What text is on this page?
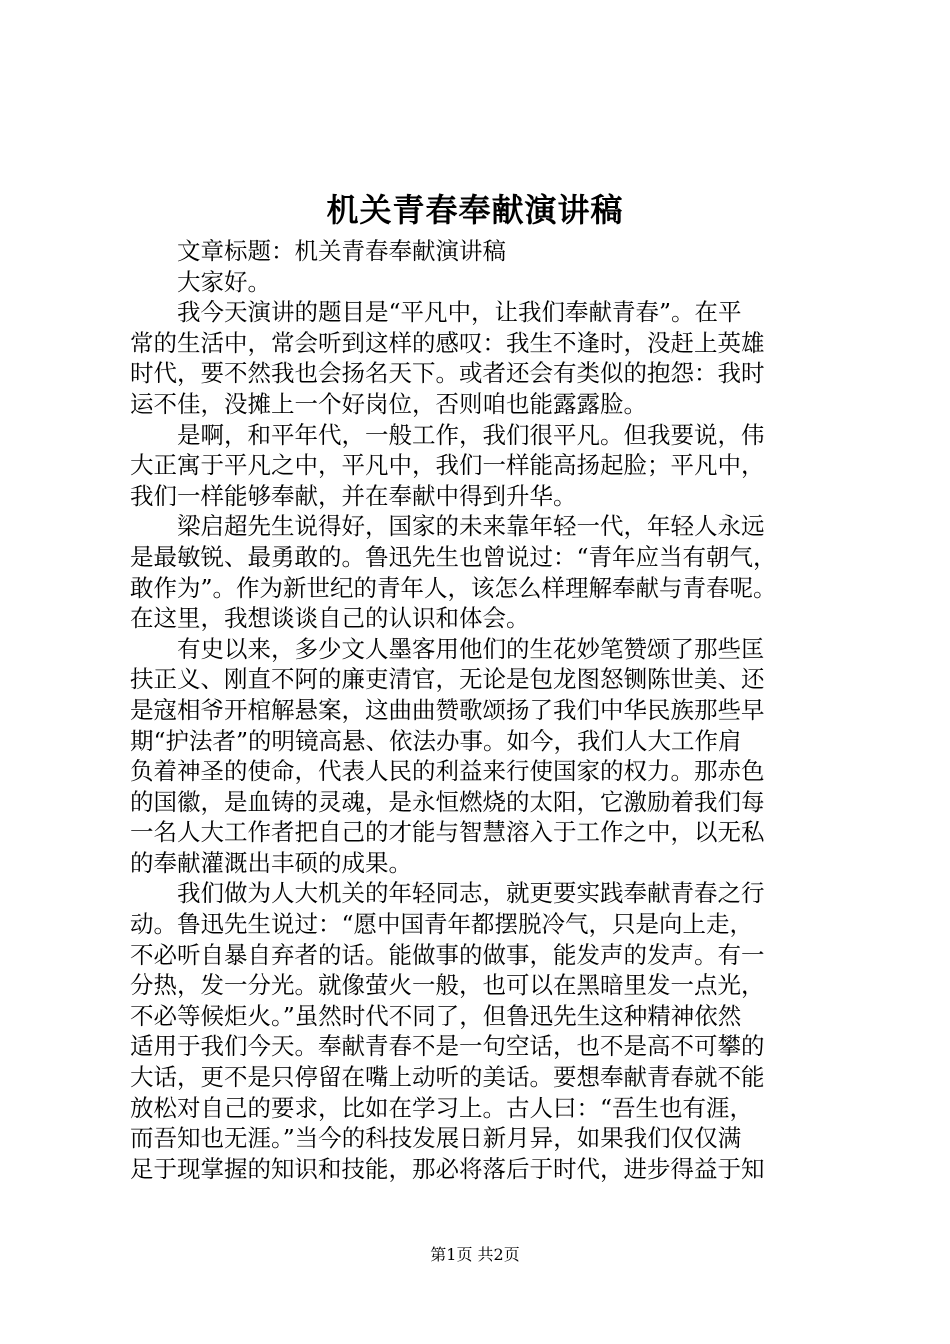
机关青春奉献演讲稿
文章标题：机关青春奉献演讲稿
大家好。
我今天演讲的题目是“平凡中，让我们奉献青春”。在平
常的生活中，常会听到这样的感叹：我生不逢时，没赶上英雄
时代，要不然我也会扬名天下。或者还会有类似的抱怨：我时
运不佳，没摊上一个好岗位，否则咱也能露露脸。
是啊，和平年代，一般工作，我们很平凡。但我要说，伟
大正寓于平凡之中，平凡中，我们一样能高扬起脸；平凡中，
我们一样能够奉献，并在奉献中得到升华。
梁启超先生说得好，国家的未来靠年轻一代，年轻人永远
是最敏锐、最勇敢的。鲁迅先生也曾说过：“青年应当有朝气，
敢作为”。作为新世纪的青年人，该怎么样理解奉献与青春呢。
在这里，我想谈谈自己的认识和体会。
有史以来，多少文人墨客用他们的生花妙笔赞颂了那些匡
扶正义、刚直不阿的廉吏清官，无论是包龙图怒铡陈世美、还
是寇相爷开棺解悬案，这曲曲赞歌颂扬了我们中华民族那些早
期“护法者”的明镜高悬、依法办事。如今，我们人大工作肩
负着神圣的使命，代表人民的利益来行使国家的权力。那赤色
的国徽，是血铸的灵魂，是永恒燃烧的太阳，它激励着我们每
一名人大工作者把自己的才能与智慧溶入于工作之中，以无私
的奉献灌溉出丰硕的成果。
我们做为人大机关的年轻同志，就更要实践奉献青春之行
动。鲁迅先生说过：“愿中国青年都摆脱冷气，只是向上走，
不必听自暴自弃者的话。能做事的做事，能发声的发声。有一
分热，发一分光。就像萤火一般，也可以在黑暗里发一点光，
不必等候炬火。”虽然时代不同了，但鲁迅先生这种精神依然
适用于我们今天。奉献青春不是一句空话，也不是高不可攀的
大话，更不是只停留在嘴上动听的美话。要想奉献青春就不能
放松对自己的要求，比如在学习上。古人曰：“吾生也有涯，
而吾知也无涯。”当今的科技发展日新月异，如果我们仅仅满
足于现掌握的知识和技能，那必将落后于时代，进步得益于知
第1页 共2页
